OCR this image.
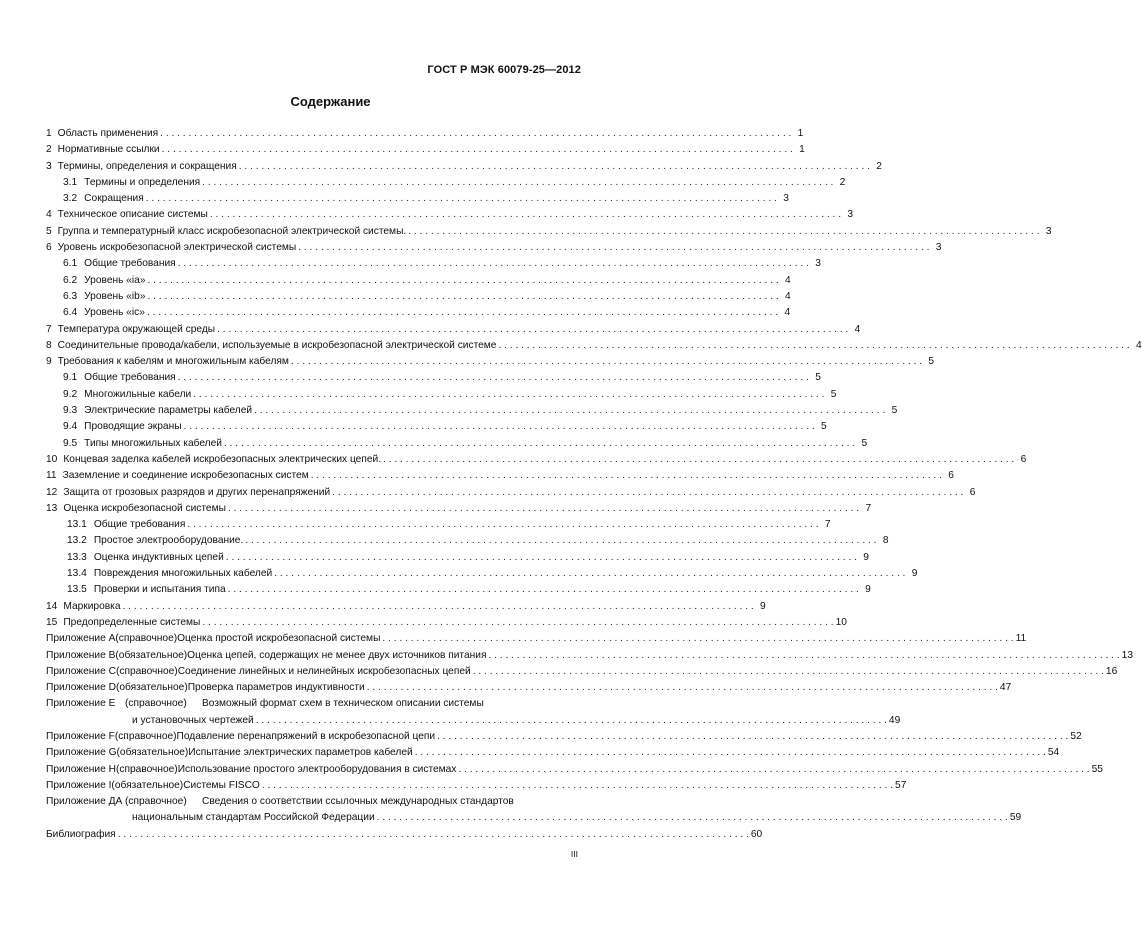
ГОСТ Р МЭК 60079-25—2012
Содержание
1 Область применения . . .	1
2 Нормативные ссылки . . .	1
3 Термины, определения и сокращения . . .	2
3.1 Термины и определения . . .	2
3.2 Сокращения . . .	3
4 Техническое описание системы . . .	3
5 Группа и температурный класс искробезопасной электрической системы. . . .	3
6 Уровень искробезопасной электрической системы . . .	3
6.1 Общие требования . . .	3
6.2 Уровень «ia» . . .	4
6.3 Уровень «ib» . . .	4
6.4 Уровень «ic» . . .	4
7 Температура окружающей среды . . .	4
8 Соединительные провода/кабели, используемые в искробезопасной электрической системе . . .	4
9 Требования к кабелям и многожильным кабелям . . .	5
9.1 Общие требования . . .	5
9.2 Многожильные кабели . . .	5
9.3 Электрические параметры кабелей . . .	5
9.4 Проводящие экраны . . .	5
9.5 Типы многожильных кабелей . . .	5
10 Концевая заделка кабелей искробезопасных электрических цепей. . . .	6
11 Заземление и соединение искробезопасных систем . . .	6
12 Защита от грозовых разрядов и других перенапряжений . . .	6
13 Оценка искробезопасной системы . . .	7
13.1 Общие требования . . .	7
13.2 Простое электрооборудование. . . .	8
13.3 Оценка индуктивных цепей . . .	9
13.4 Повреждения многожильных кабелей . . .	9
13.5 Проверки и испытания типа . . .	9
14 Маркировка . . .	9
15 Предопределенные системы . . .	10
Приложение A (справочное) Оценка простой искробезопасной системы . . .	11
Приложение B (обязательное) Оценка цепей, содержащих не менее двух источников питания . . .	13
Приложение C (справочное) Соединение линейных и нелинейных искробезопасных цепей . . .	16
Приложение D (обязательное) Проверка параметров индуктивности . . .	47
Приложение E (справочное)	Возможный формат схем в техническом описании системы
и установочных чертежей . . .	49
Приложение F (справочное) Подавление перенапряжений в искробезопасной цепи . . .	52
Приложение G (обязательное) Испытание электрических параметров кабелей . . .	54
Приложение H (справочное) Использование простого электрооборудования в системах . . .	55
Приложение I (обязательное) Системы FISCO . . .	57
Приложение ДА (справочное)	Сведения о соответствии ссылочных международных стандартов
национальным стандартам Российской Федерации . . .	59
Библиография . . .	60
III
